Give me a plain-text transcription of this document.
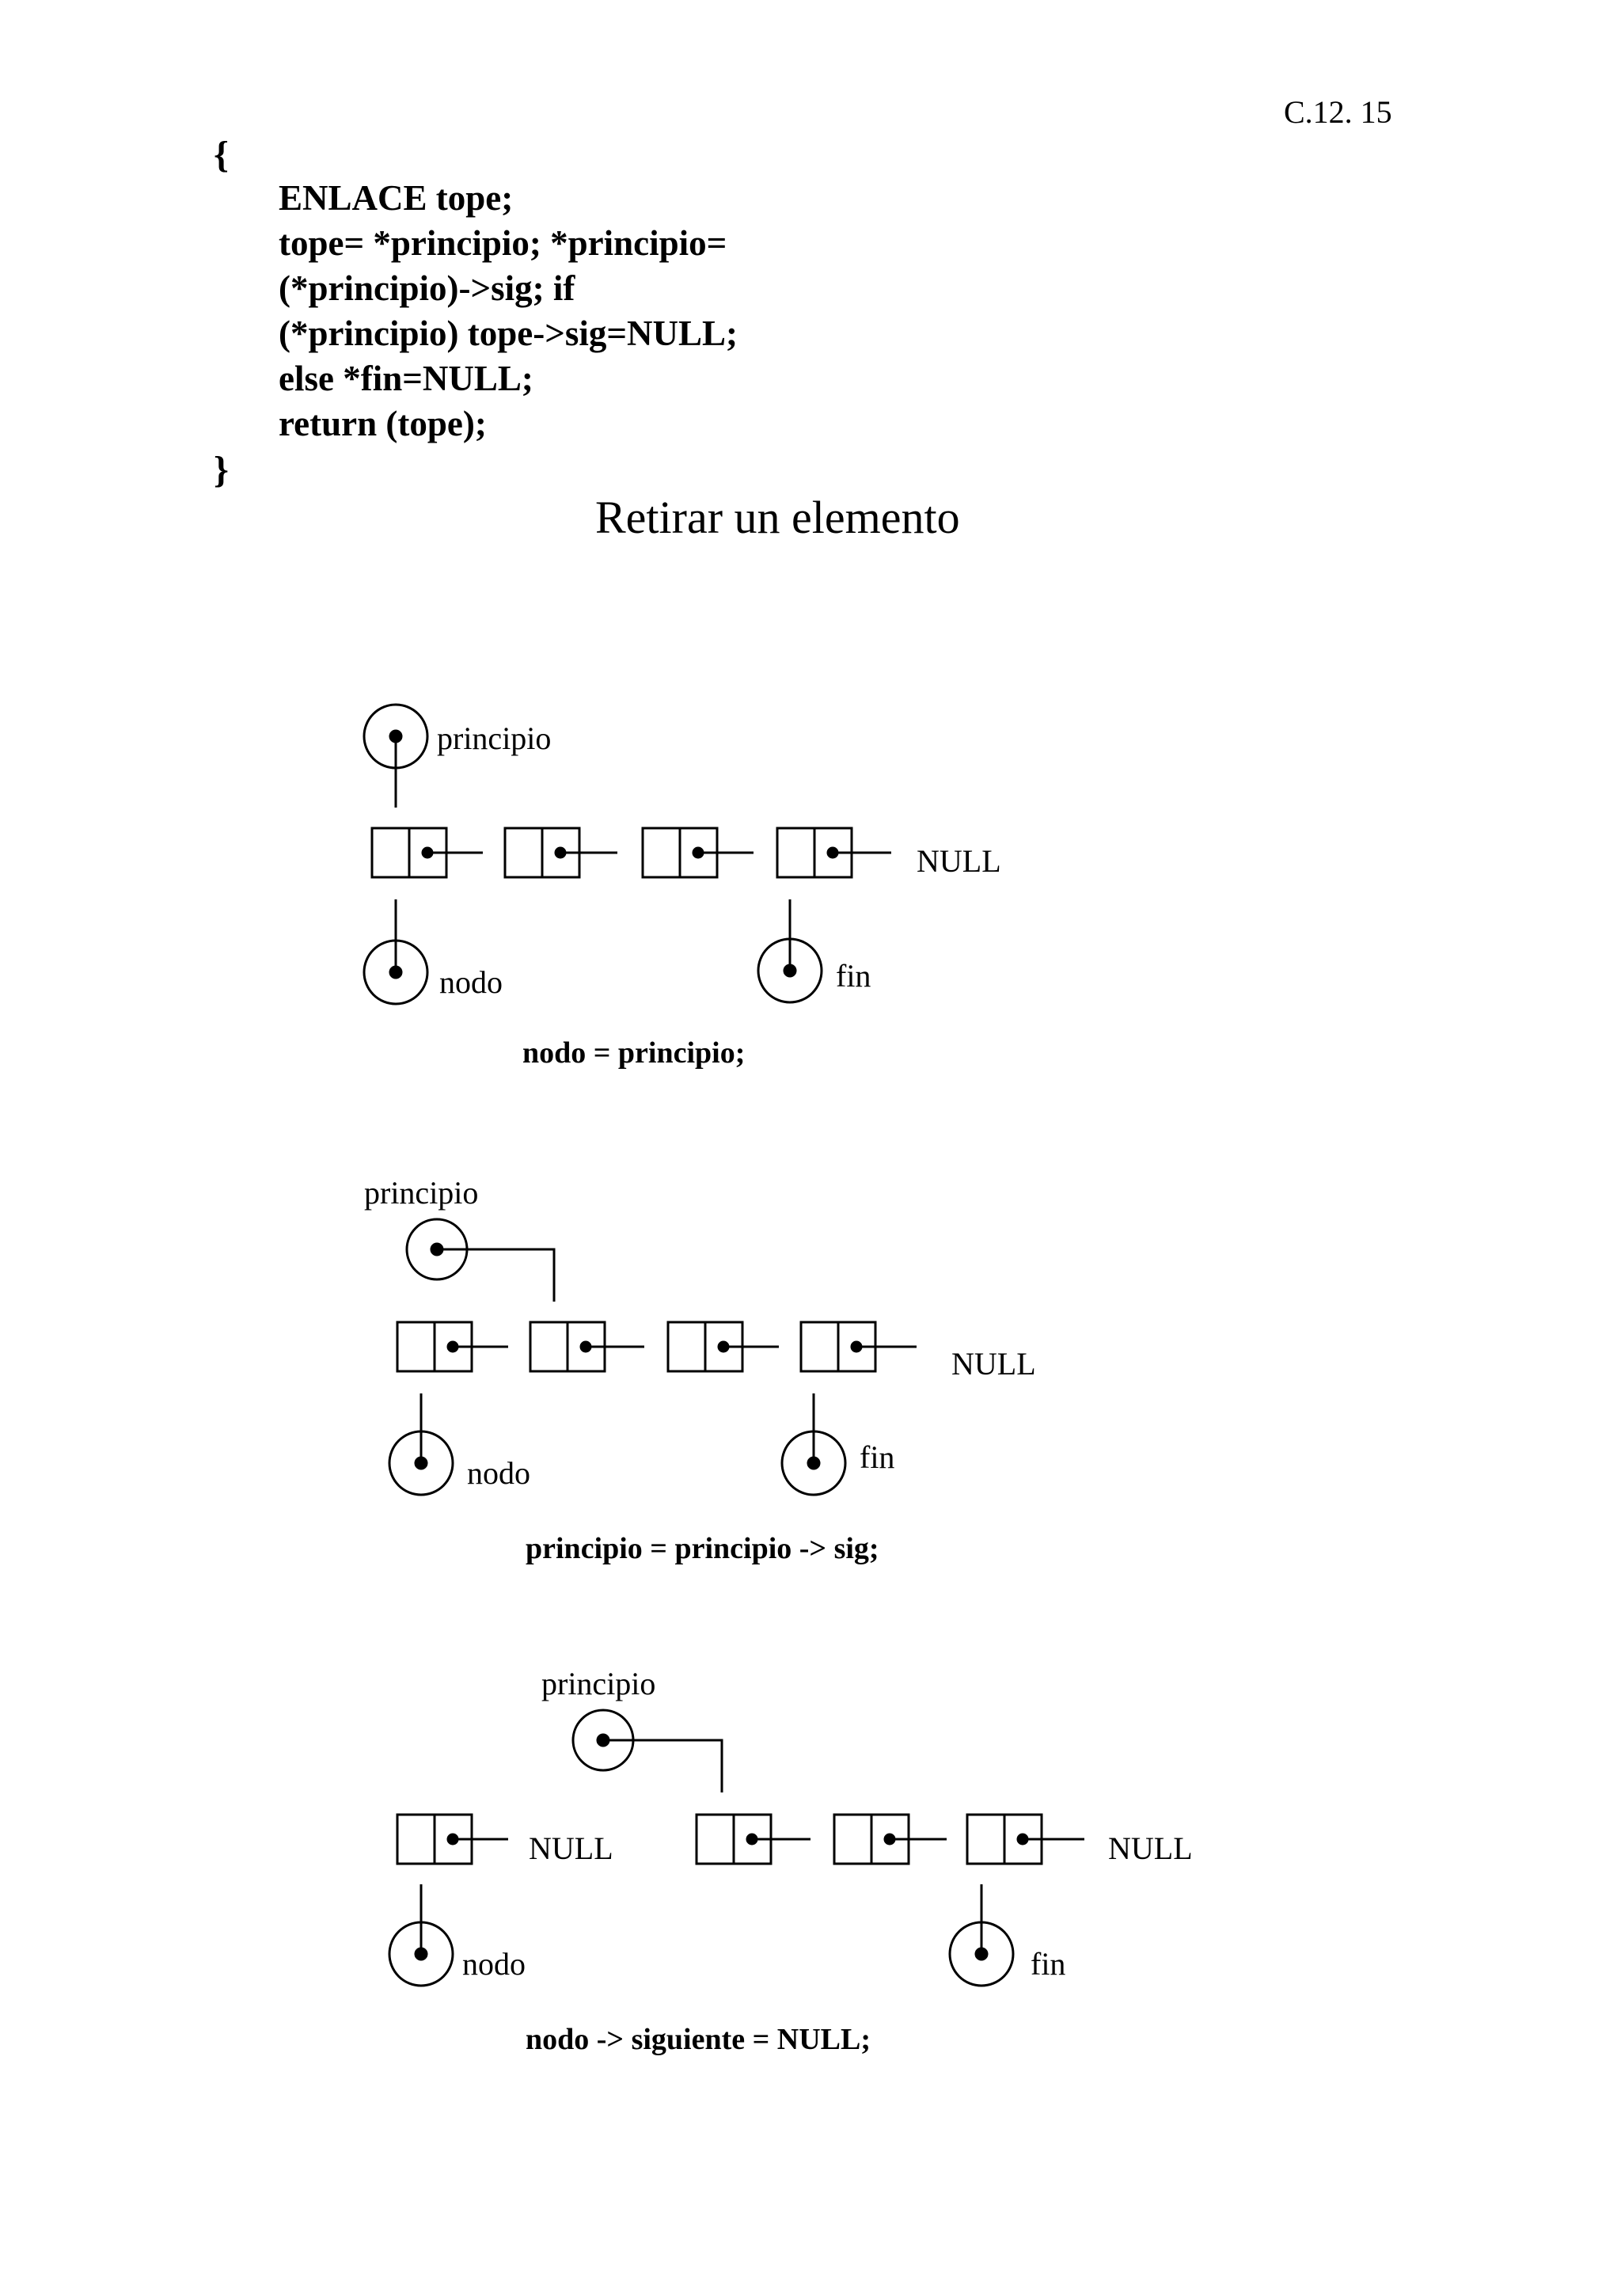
C.12. 15
{
ENLACE tope;
tope= *principio; *principio=
(*principio)->sig; if
(*principio) tope->sig=NULL;
else *fin=NULL;
return (tope);
}
Retirar un elemento
principio
NULL
nodo	fin
nodo = principio;
principio
NULL
nodo	fin
principio = principio -> sig;
principio
NULL	NULL
nodo	fin
nodo -> siguiente = NULL;
